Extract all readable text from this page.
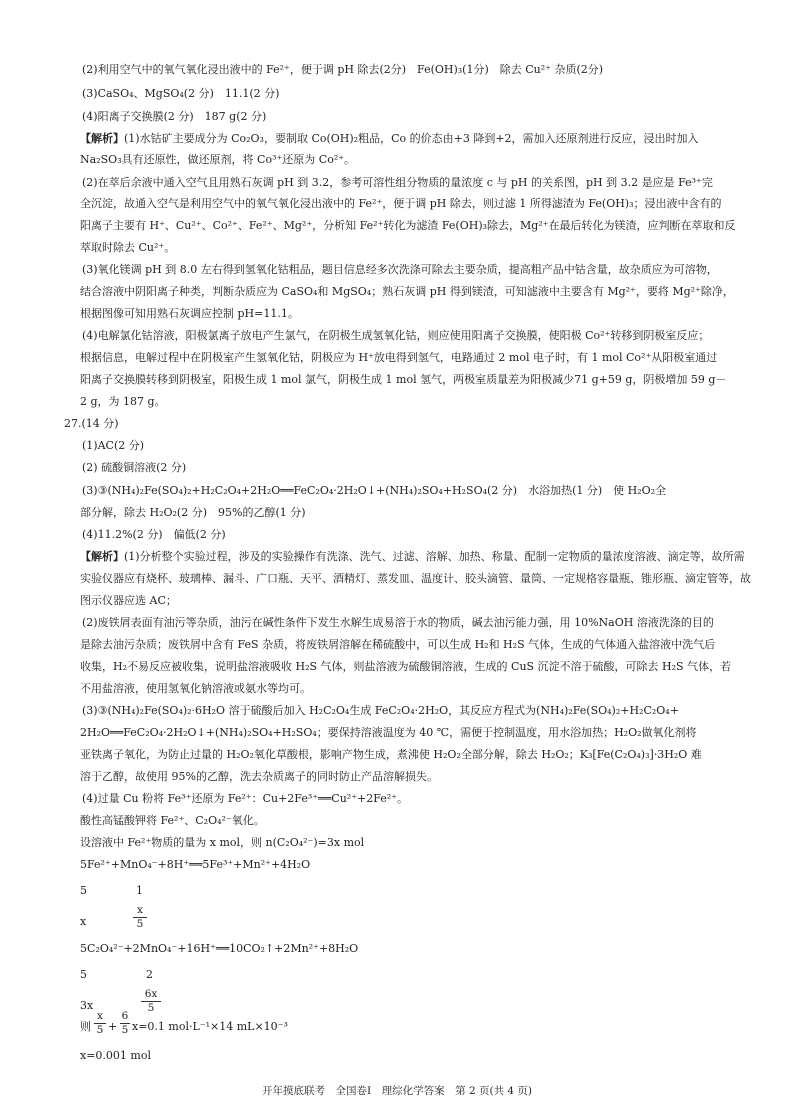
(2)利用空气中的氧气氧化浸出液中的 Fe²⁺，便于调 pH 除去(2分)　Fe(OH)₃(1分)　除去 Cu²⁺ 杂质(2分)
(3)CaSO₄、MgSO₄(2 分)　11.1(2 分)
(4)阳离子交换膜(2 分)　187 g(2 分)
【解析】(1)水钴矿主要成分为 Co₂O₃，要制取 Co(OH)₂粗品，Co 的价态由+3 降到+2，需加入还原剂进行反应，浸出时加入
Na₂SO₃具有还原性，做还原剂，将 Co³⁺还原为 Co²⁺。
(2)在萃后余液中通入空气且用熟石灰调 pH 到 3.2，参考可溶性组分物质的量浓度 c 与 pH 的关系图，pH 到 3.2 是应是 Fe³⁺完
全沉淀，故通入空气是利用空气中的氧气氧化浸出液中的 Fe²⁺，便于调 pH 除去，则过滤 1 所得滤渣为 Fe(OH)₃；浸出液中含有的
阳离子主要有 H⁺、Cu²⁺、Co²⁺、Fe²⁺、Mg²⁺，分析知 Fe²⁺转化为滤渣 Fe(OH)₃除去，Mg²⁺在最后转化为镁渣，应判断在萃取和反
萃取时除去 Cu²⁺。
(3)氧化镁调 pH 到 8.0 左右得到氢氧化钴粗品，题目信息经多次洗涤可除去主要杂质，提高粗产品中钴含量，故杂质应为可溶物，
结合溶液中阴阳离子种类，判断杂质应为 CaSO₄和 MgSO₄；熟石灰调 pH 得到镁渣，可知滤液中主要含有 Mg²⁺，要将 Mg²⁺除净，
根据图像可知用熟石灰调应控制 pH=11.1。
(4)电解氯化钴溶液，阳极氯离子放电产生氯气，在阴极生成氢氧化钴，则应使用阳离子交换膜，使阳极 Co²⁺转移到阴极室反应；
根据信息，电解过程中在阴极室产生氢氧化钴，阴极应为 H⁺放电得到氢气，电路通过 2 mol 电子时，有 1 mol Co²⁺从阳极室通过
阳离子交换膜转移到阴极室，阳极生成 1 mol 氯气，阴极生成 1 mol 氢气，两极室质量差为阳极减少71 g+59 g，阴极增加 59 g－
2 g，为 187 g。
27.(14 分)
(1)AC(2 分)
(2) 硫酸铜溶液(2 分)
(3)③(NH₄)₂Fe(SO₄)₂+H₂C₂O₄+2H₂O══FeC₂O₄·2H₂O↓+(NH₄)₂SO₄+H₂SO₄(2 分)　水浴加热(1 分)　使 H₂O₂全
部分解，除去 H₂O₂(2 分)　95%的乙醇(1 分)
(4)11.2%(2 分)　偏低(2 分)
【解析】(1)分析整个实验过程，涉及的实验操作有洗涤、洗气、过滤、溶解、加热、称量、配制一定物质的量浓度溶液、滴定等，故所需
实验仪器应有烧杯、玻璃棒、漏斗、广口瓶、天平、酒精灯、蒸发皿、温度计、胶头滴管、量筒、一定规格容量瓶、锥形瓶、滴定管等，故
图示仪器应选 AC；
(2)废铁屑表面有油污等杂质，油污在碱性条件下发生水解生成易溶于水的物质，碱去油污能力强，用 10%NaOH 溶液洗涤的目的
是除去油污杂质；废铁屑中含有 FeS 杂质，将废铁屑溶解在稀硫酸中，可以生成 H₂和 H₂S 气体，生成的气体通入盐溶液中洗气后
收集，H₂不易反应被收集，说明盐溶液吸收 H₂S 气体，则盐溶液为硫酸铜溶液，生成的 CuS 沉淀不溶于硫酸，可除去 H₂S 气体，若
不用盐溶液，使用氢氧化钠溶液或氨水等均可。
(3)③(NH₄)₂Fe(SO₄)₂·6H₂O 溶于硫酸后加入 H₂C₂O₄生成 FeC₂O₄·2H₂O，其反应方程式为(NH₄)₂Fe(SO₄)₂+H₂C₂O₄+
2H₂O══FeC₂O₄·2H₂O↓+(NH₄)₂SO₄+H₂SO₄；要保持溶液温度为 40 ℃，需便于控制温度，用水浴加热；H₂O₂做氧化剂将
亚铁离子氧化，为防止过量的 H₂O₂氧化草酸根，影响产物生成，煮沸使 H₂O₂全部分解，除去 H₂O₂；K₃[Fe(C₂O₄)₃]·3H₂O 难
溶于乙醇，故使用 95%的乙醇，洗去杂质离子的同时防止产品溶解损失。
(4)过量 Cu 粉将 Fe³⁺还原为 Fe²⁺：Cu+2Fe³⁺══Cu²⁺+2Fe²⁺。
酸性高锰酸钾将 Fe²⁺、C₂O₄²⁻氧化。
设溶液中 Fe²⁺物质的量为 x mol，则 n(C₂O₄²⁻)=3x mol
5Fe²⁺+MnO₄⁻+8H⁺══5Fe³⁺+Mn²⁺+4H₂O
5	1
x	$\frac{x}{5}$
5C₂O₄²⁻+2MnO₄⁻+16H⁺══10CO₂↑+2Mn²⁺+8H₂O
5	2
3x	$\frac{6x}{5}$
则 $\frac{x}{5} + \frac{6}{5} x=0.1$ mol·L⁻¹×14 mL×10⁻³
x=0.001 mol
开年摸底联考　全国卷Ⅰ　理综化学答案　第 2 页(共 4 页)
